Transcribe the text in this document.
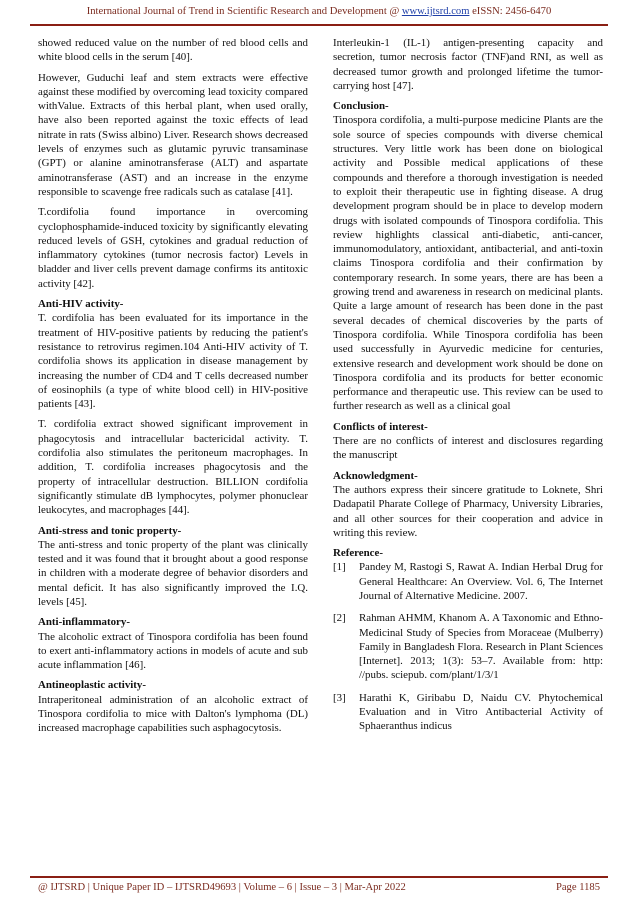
International Journal of Trend in Scientific Research and Development @ www.ijtsrd.com eISSN: 2456-6470

showed reduced value on the number of red blood cells and white blood cells in the serum [40].

However, Guduchi leaf and stem extracts were effective against these modified by overcoming lead toxicity compared withValue. Extracts of this herbal plant, when used orally, have also been reported against the toxic effects of lead nitrate in rats (Swiss albino) Liver. Research shows decreased levels of enzymes such as glutamic pyruvic transaminase (GPT) or alanine aminotransferase (ALT) and aspartate aminotransferase (AST) and an increase in the enzyme responsible to scavenge free radicals such as catalase [41].

T.cordifolia found importance in overcoming cyclophosphamide-induced toxicity by significantly elevating reduced levels of GSH, cytokines and gradual reduction of inflammatory cytokines (tumor necrosis factor) Levels in bladder and liver cells prevent damage confirms its antitoxic activity [42].

Anti-HIV activity-

T. cordifolia has been evaluated for its importance in the treatment of HIV-positive patients by reducing the patient's resistance to retrovirus regimen.104 Anti-HIV activity of T. cordifolia shows its application in disease management by increasing the number of CD4 and T cells decreased number of eosinophils (a type of white blood cell) in HIV-positive patients [43].

T. cordifolia extract showed significant improvement in phagocytosis and intracellular bactericidal activity. T. cordifolia also stimulates the peritoneum macrophages. In addition, T. cordifolia increases phagocytosis and the property of intracellular destruction. BILLION cordifolia significantly stimulate dB lymphocytes, polymer phonuclear leukocytes, and macrophages [44].

Anti-stress and tonic property-

The anti-stress and tonic property of the plant was clinically tested and it was found that it brought about a good response in children with a moderate degree of behavior disorders and mental deficit. It has also significantly improved the I.Q. levels [45].

Anti-inflammatory-

The alcoholic extract of Tinospora cordifolia has been found to exert anti-inflammatory actions in models of acute and sub acute inflammation [46].

Antineoplastic activity-

Intraperitoneal administration of an alcoholic extract of Tinospora cordifolia to mice with Dalton's lymphoma (DL) increased macrophage capabilities such asphagocytosis.

Interleukin-1 (IL-1) antigen-presenting capacity and secretion, tumor necrosis factor (TNF)and RNI, as well as decreased tumor growth and prolonged lifetime the tumor-carrying host [47].

Conclusion-

Tinospora cordifolia, a multi-purpose medicine Plants are the sole source of species compounds with diverse chemical structures. Very little work has been done on biological activity and Possible medical applications of these compounds and therefore a thorough investigation is needed to exploit their therapeutic use in fighting disease. A drug development program should be in place to develop modern drugs with isolated compounds of Tinospora cordifolia. This review highlights classical anti-diabetic, anti-cancer, immunomodulatory, antioxidant, antibacterial, and anti-toxin claims Tinospora cordifolia and their confirmation by contemporary research. In some years, there are has been a growing trend and awareness in research on medicinal plants. Quite a large amount of research has been done in the past several decades of chemical discoveries by the parts of Tinospora cordifolia. While Tinospora cordifolia has been used successfully in Ayurvedic medicine for centuries, extensive research and development work should be done on Tinospora cordifolia and its products for better economic performance and therapeutic use. This review can be used to further research as well as a clinical goal

Conflicts of interest-

There are no conflicts of interest and disclosures regarding the manuscript

Acknowledgment-

The authors express their sincere gratitude to Loknete, Shri Dadapatil Pharate College of Pharmacy, University Libraries, and all other sources for their cooperation and advice in writing this review.

Reference-
[1] Pandey M, Rastogi S, Rawat A. Indian Herbal Drug for General Healthcare: An Overview. Vol. 6, The Internet Journal of Alternative Medicine. 2007.
[2] Rahman AHMM, Khanom A. A Taxonomic and Ethno-Medicinal Study of Species from Moraceae (Mulberry) Family in Bangladesh Flora. Research in Plant Sciences [Internet]. 2013; 1(3): 53–7. Available from: http: //pubs. sciepub. com/plant/1/3/1
[3] Harathi K, Giribabu D, Naidu CV. Phytochemical Evaluation and in Vitro Antibacterial Activity of Sphaeranthus indicus
@ IJTSRD | Unique Paper ID – IJTSRD49693 | Volume – 6 | Issue – 3 | Mar-Apr 2022	Page 1185
